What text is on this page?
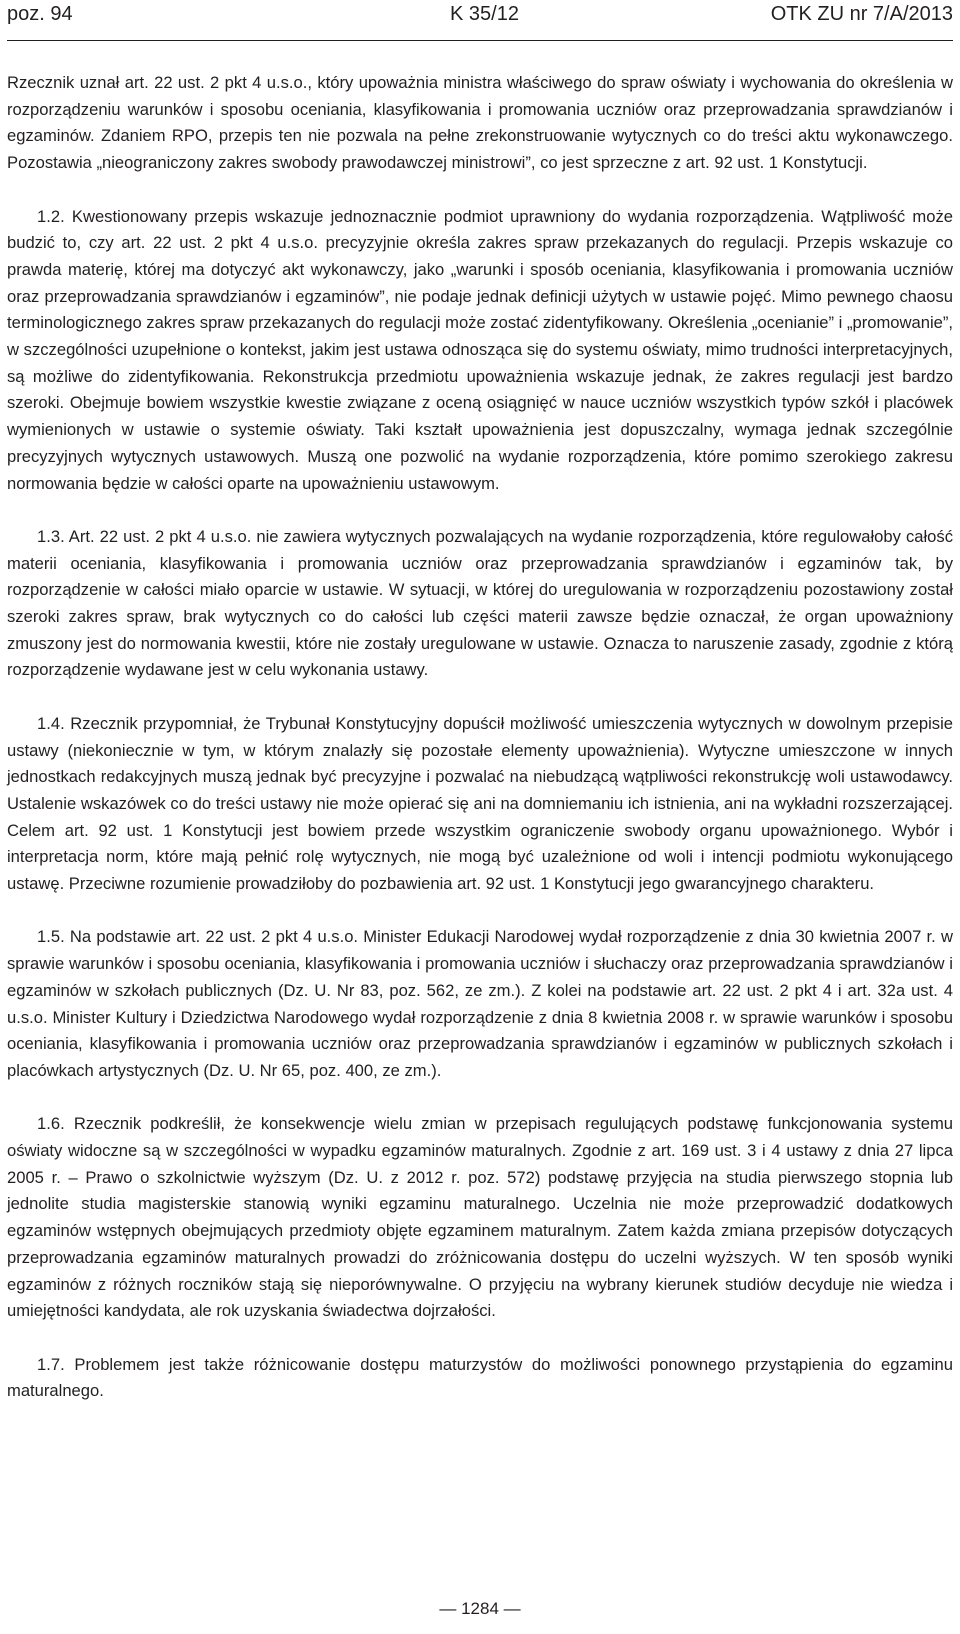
poz. 94	K 35/12	OTK ZU nr 7/A/2013

Rzecznik uznał art. 22 ust. 2 pkt 4 u.s.o., który upoważnia ministra właściwego do spraw oświaty i wychowania do określenia w rozporządzeniu warunków i sposobu oceniania, klasyfikowania i promowania uczniów oraz przeprowadzania sprawdzianów i egzaminów. Zdaniem RPO, przepis ten nie pozwala na pełne zrekonstruowanie wytycznych co do treści aktu wykonawczego. Pozostawia „nieograniczony zakres swobody prawodawczej ministrowi”, co jest sprzeczne z art. 92 ust. 1 Konstytucji.

1.2. Kwestionowany przepis wskazuje jednoznacznie podmiot uprawniony do wydania rozporządzenia. Wątpliwość może budzić to, czy art. 22 ust. 2 pkt 4 u.s.o. precyzyjnie określa zakres spraw przekazanych do regulacji. Przepis wskazuje co prawda materię, której ma dotyczyć akt wykonawczy, jako „warunki i sposób oceniania, klasyfikowania i promowania uczniów oraz przeprowadzania sprawdzianów i egzaminów”, nie podaje jednak definicji użytych w ustawie pojęć. Mimo pewnego chaosu terminologicznego zakres spraw przekazanych do regulacji może zostać zidentyfikowany. Określenia „ocenianie” i „promowanie”, w szczególności uzupełnione o kontekst, jakim jest ustawa odnosząca się do systemu oświaty, mimo trudności interpretacyjnych, są możliwe do zidentyfikowania. Rekonstrukcja przedmiotu upoważnienia wskazuje jednak, że zakres regulacji jest bardzo szeroki. Obejmuje bowiem wszystkie kwestie związane z oceną osiągnięć w nauce uczniów wszystkich typów szkół i placówek wymienionych w ustawie o systemie oświaty. Taki kształt upoważnienia jest dopuszczalny, wymaga jednak szczególnie precyzyjnych wytycznych ustawowych. Muszą one pozwolić na wydanie rozporządzenia, które pomimo szerokiego zakresu normowania będzie w całości oparte na upoważnieniu ustawowym.

1.3. Art. 22 ust. 2 pkt 4 u.s.o. nie zawiera wytycznych pozwalających na wydanie rozporządzenia, które regulowałoby całość materii oceniania, klasyfikowania i promowania uczniów oraz przeprowadzania sprawdzianów i egzaminów tak, by rozporządzenie w całości miało oparcie w ustawie. W sytuacji, w której do uregulowania w rozporządzeniu pozostawiony został szeroki zakres spraw, brak wytycznych co do całości lub części materii zawsze będzie oznaczał, że organ upoważniony zmuszony jest do normowania kwestii, które nie zostały uregulowane w ustawie. Oznacza to naruszenie zasady, zgodnie z którą rozporządzenie wydawane jest w celu wykonania ustawy.

1.4. Rzecznik przypomniał, że Trybunał Konstytucyjny dopuścił możliwość umieszczenia wytycznych w dowolnym przepisie ustawy (niekoniecznie w tym, w którym znalazły się pozostałe elementy upoważnienia). Wytyczne umieszczone w innych jednostkach redakcyjnych muszą jednak być precyzyjne i pozwalać na niebudzącą wątpliwości rekonstrukcję woli ustawodawcy. Ustalenie wskazówek co do treści ustawy nie może opierać się ani na domniemaniu ich istnienia, ani na wykładni rozszerzającej. Celem art. 92 ust. 1 Konstytucji jest bowiem przede wszystkim ograniczenie swobody organu upoważnionego. Wybór i interpretacja norm, które mają pełnić rolę wytycznych, nie mogą być uzależnione od woli i intencji podmiotu wykonującego ustawę. Przeciwne rozumienie prowadziłoby do pozbawienia art. 92 ust. 1 Konstytucji jego gwarancyjnego charakteru.

1.5. Na podstawie art. 22 ust. 2 pkt 4 u.s.o. Minister Edukacji Narodowej wydał rozporządzenie z dnia 30 kwietnia 2007 r. w sprawie warunków i sposobu oceniania, klasyfikowania i promowania uczniów i słuchaczy oraz przeprowadzania sprawdzianów i egzaminów w szkołach publicznych (Dz. U. Nr 83, poz. 562, ze zm.). Z kolei na podstawie art. 22 ust. 2 pkt 4 i art. 32a ust. 4 u.s.o. Minister Kultury i Dziedzictwa Narodowego wydał rozporządzenie z dnia 8 kwietnia 2008 r. w sprawie warunków i sposobu oceniania, klasyfikowania i promowania uczniów oraz przeprowadzania sprawdzianów i egzaminów w publicznych szkołach i placówkach artystycznych (Dz. U. Nr 65, poz. 400, ze zm.).

1.6. Rzecznik podkreślił, że konsekwencje wielu zmian w przepisach regulujących podstawę funkcjonowania systemu oświaty widoczne są w szczególności w wypadku egzaminów maturalnych. Zgodnie z art. 169 ust. 3 i 4 ustawy z dnia 27 lipca 2005 r. – Prawo o szkolnictwie wyższym (Dz. U. z 2012 r. poz. 572) podstawę przyjęcia na studia pierwszego stopnia lub jednolite studia magisterskie stanowią wyniki egzaminu maturalnego. Uczelnia nie może przeprowadzić dodatkowych egzaminów wstępnych obejmujących przedmioty objęte egzaminem maturalnym. Zatem każda zmiana przepisów dotyczących przeprowadzania egzaminów maturalnych prowadzi do zróżnicowania dostępu do uczelni wyższych. W ten sposób wyniki egzaminów z różnych roczników stają się nieporównywalne. O przyjęciu na wybrany kierunek studiów decyduje nie wiedza i umiejętności kandydata, ale rok uzyskania świadectwa dojrzałości.

1.7. Problemem jest także różnicowanie dostępu maturzystów do możliwości ponownego przystąpienia do egzaminu maturalnego.

— 1284 —
